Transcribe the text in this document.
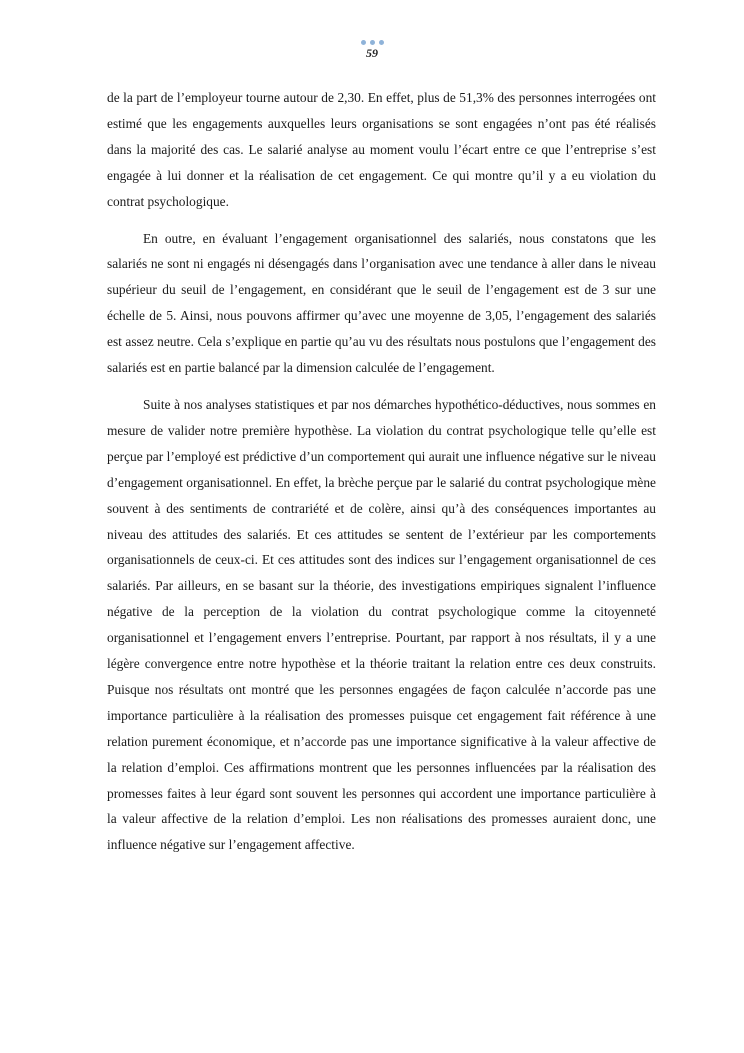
59

de la part de l’employeur tourne autour de 2,30. En effet, plus de 51,3% des personnes interrogées ont estimé que les engagements auxquelles leurs organisations se sont engagées n’ont pas été réalisés dans la majorité des cas. Le salarié analyse au moment voulu l’écart entre ce que l’entreprise s’est engagée à lui donner et la réalisation de cet engagement. Ce qui montre qu’il y a eu violation du contrat psychologique.

En outre, en évaluant l’engagement organisationnel des salariés, nous constatons que les salariés ne sont ni engagés ni désengagés dans l’organisation avec une tendance à aller dans le niveau supérieur du seuil de l’engagement, en considérant que le seuil de l’engagement est de 3 sur une échelle de 5. Ainsi, nous pouvons affirmer qu’avec une moyenne de 3,05, l’engagement des salariés est assez neutre. Cela s’explique en partie qu’au vu des résultats nous postulons que l’engagement des salariés est en partie balancé par la dimension calculée de l’engagement.

Suite à nos analyses statistiques et par nos démarches hypothético-déductives, nous sommes en mesure de valider notre première hypothèse. La violation du contrat psychologique telle qu’elle est perçue par l’employé est prédictive d’un comportement qui aurait une influence négative sur le niveau d’engagement organisationnel. En effet, la brèche perçue par le salarié du contrat psychologique mène souvent à des sentiments de contrariété et de colère, ainsi qu’à des conséquences importantes au niveau des attitudes des salariés. Et ces attitudes se sentent de l’extérieur par les comportements organisationnels de ceux-ci. Et ces attitudes sont des indices sur l’engagement organisationnel de ces salariés. Par ailleurs, en se basant sur la théorie, des investigations empiriques signalent l’influence négative de la perception de la violation du contrat psychologique comme la citoyenneté organisationnel et l’engagement envers l’entreprise. Pourtant, par rapport à nos résultats, il y a une légère convergence entre notre hypothèse et la théorie traitant la relation entre ces deux construits. Puisque nos résultats ont montré que les personnes engagées de façon calculée n’accorde pas une importance particulière à la réalisation des promesses puisque cet engagement fait référence à une relation purement économique, et n’accorde pas une importance significative à la valeur affective de la relation d’emploi. Ces affirmations montrent que les personnes influencées par la réalisation des promesses faites à leur égard sont souvent les personnes qui accordent une importance particulière à la valeur affective de la relation d’emploi. Les non réalisations des promesses auraient donc, une influence négative sur l’engagement affective.
